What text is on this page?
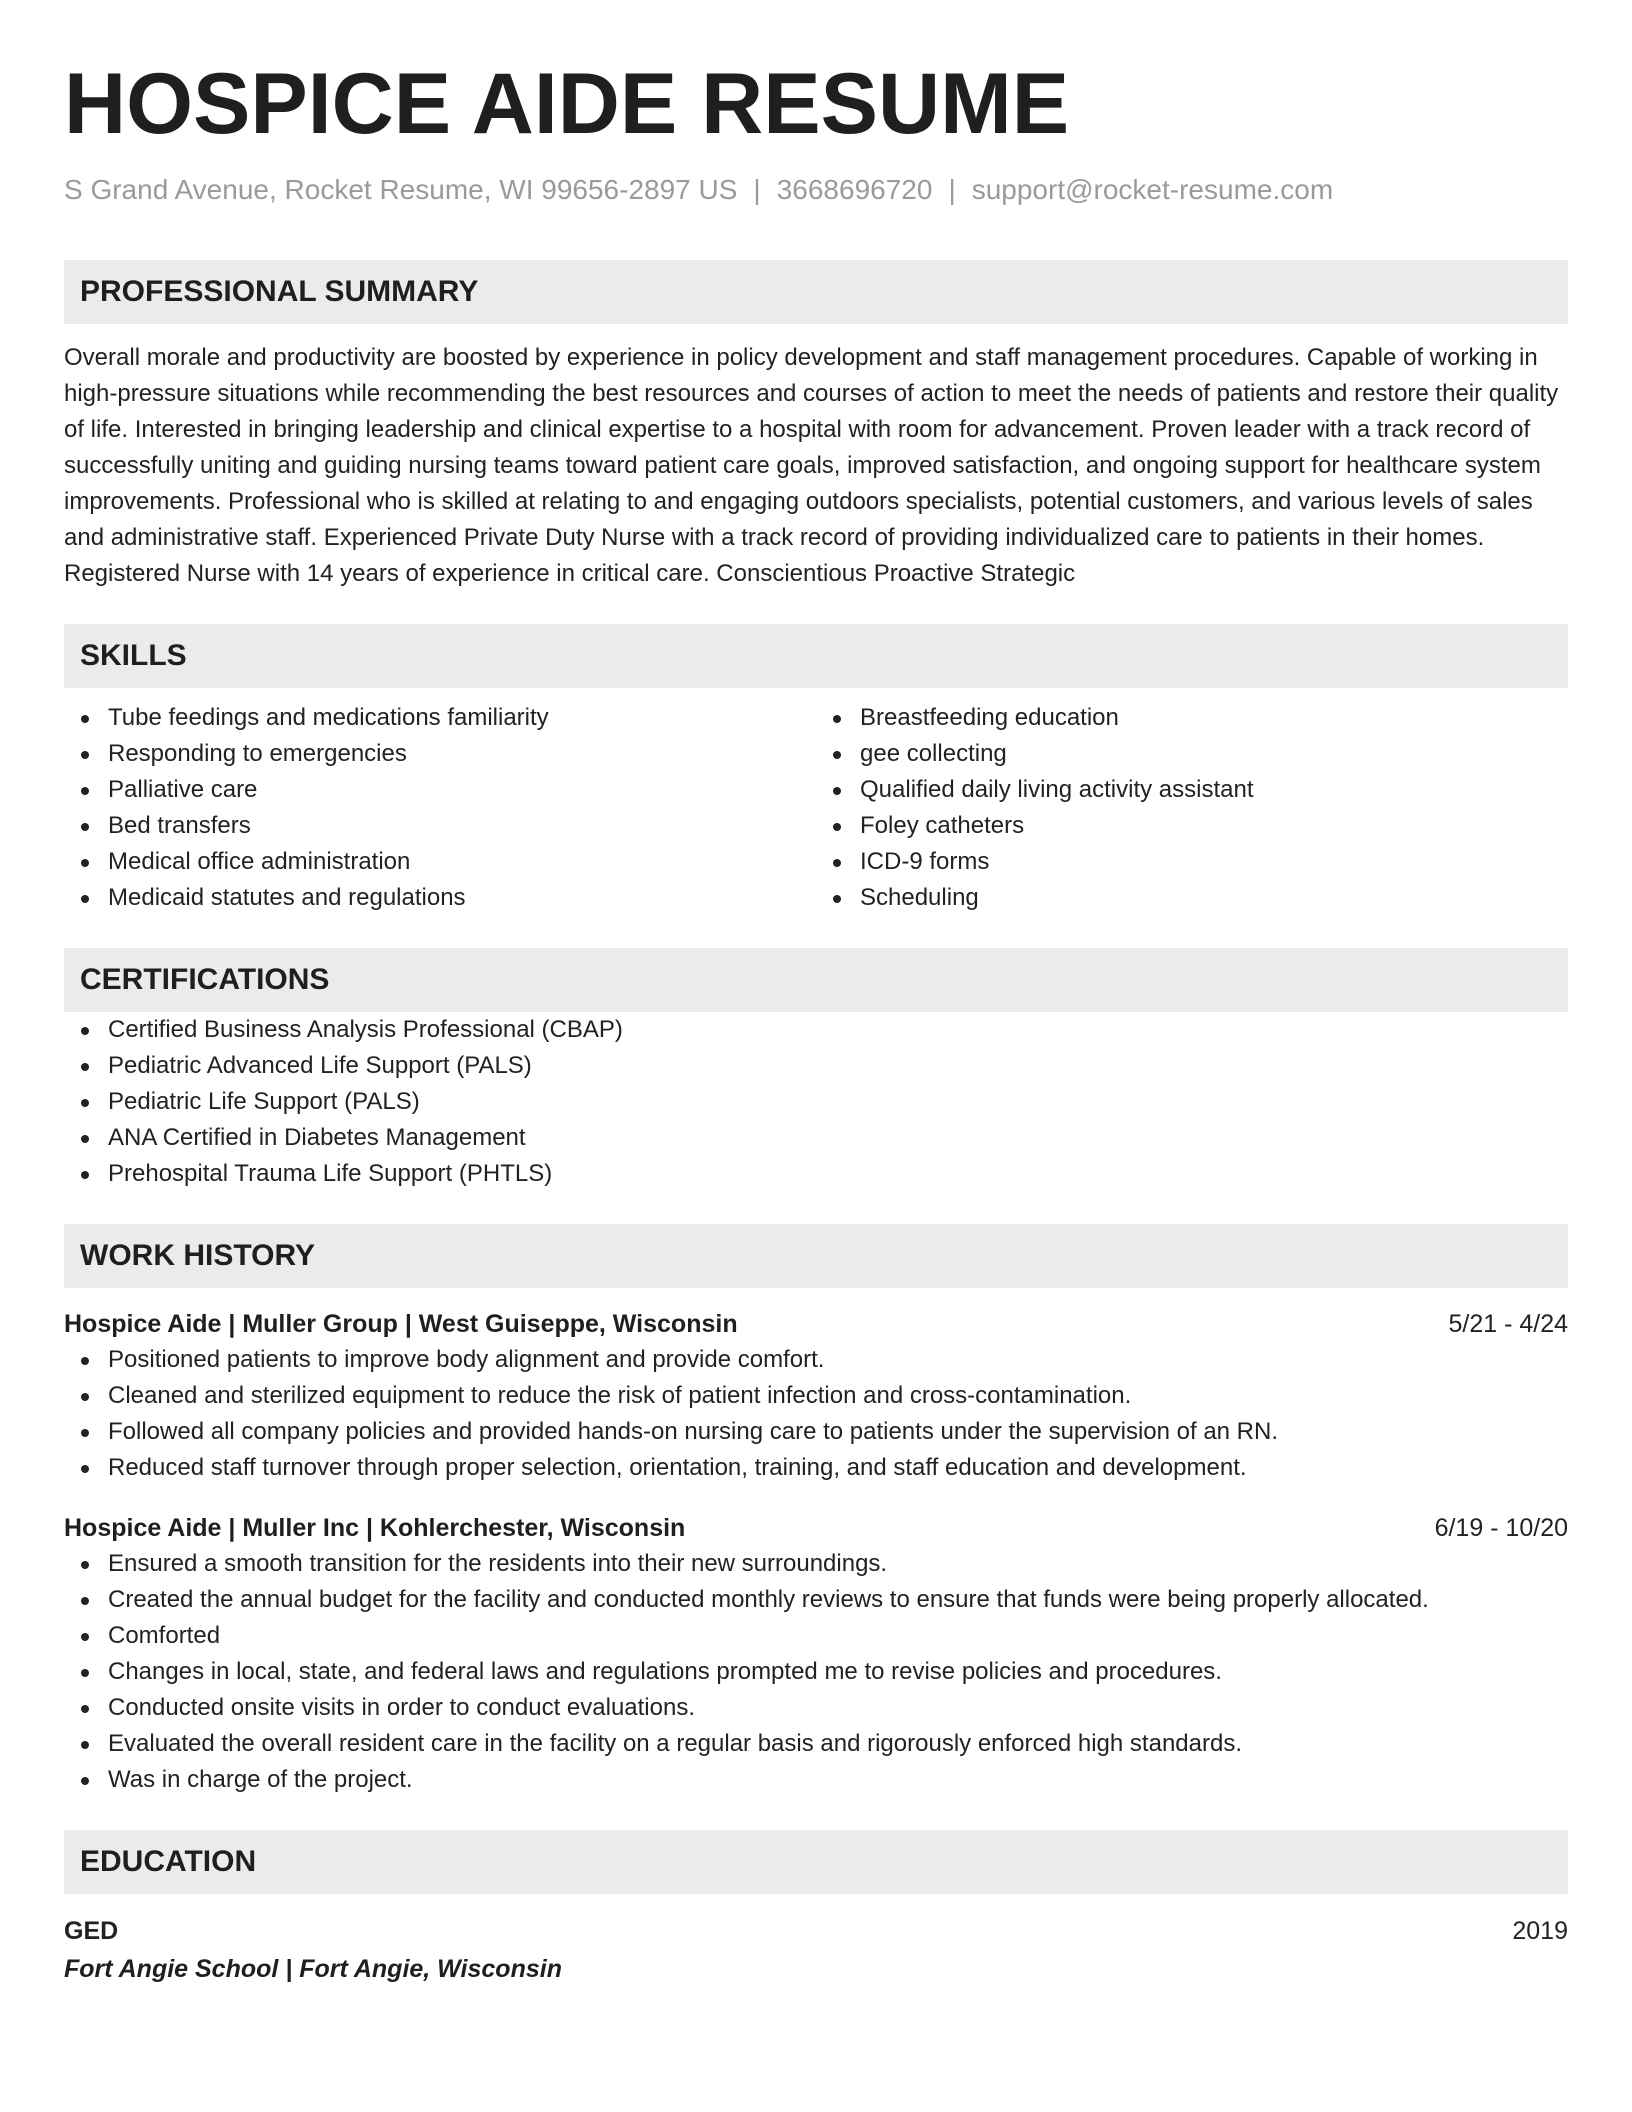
HOSPICE AIDE RESUME
S Grand Avenue, Rocket Resume, WI 99656-2897 US | 3668696720 | support@rocket-resume.com
PROFESSIONAL SUMMARY
Overall morale and productivity are boosted by experience in policy development and staff management procedures. Capable of working in high-pressure situations while recommending the best resources and courses of action to meet the needs of patients and restore their quality of life. Interested in bringing leadership and clinical expertise to a hospital with room for advancement. Proven leader with a track record of successfully uniting and guiding nursing teams toward patient care goals, improved satisfaction, and ongoing support for healthcare system improvements. Professional who is skilled at relating to and engaging outdoors specialists, potential customers, and various levels of sales and administrative staff. Experienced Private Duty Nurse with a track record of providing individualized care to patients in their homes. Registered Nurse with 14 years of experience in critical care. Conscientious Proactive Strategic
SKILLS
Tube feedings and medications familiarity
Responding to emergencies
Palliative care
Bed transfers
Medical office administration
Medicaid statutes and regulations
Breastfeeding education
gee collecting
Qualified daily living activity assistant
Foley catheters
ICD-9 forms
Scheduling
CERTIFICATIONS
Certified Business Analysis Professional (CBAP)
Pediatric Advanced Life Support (PALS)
Pediatric Life Support (PALS)
ANA Certified in Diabetes Management
Prehospital Trauma Life Support (PHTLS)
WORK HISTORY
Hospice Aide | Muller Group | West Guiseppe, Wisconsin	5/21 - 4/24
Positioned patients to improve body alignment and provide comfort.
Cleaned and sterilized equipment to reduce the risk of patient infection and cross-contamination.
Followed all company policies and provided hands-on nursing care to patients under the supervision of an RN.
Reduced staff turnover through proper selection, orientation, training, and staff education and development.
Hospice Aide | Muller Inc | Kohlerchester, Wisconsin	6/19 - 10/20
Ensured a smooth transition for the residents into their new surroundings.
Created the annual budget for the facility and conducted monthly reviews to ensure that funds were being properly allocated.
Comforted
Changes in local, state, and federal laws and regulations prompted me to revise policies and procedures.
Conducted onsite visits in order to conduct evaluations.
Evaluated the overall resident care in the facility on a regular basis and rigorously enforced high standards.
Was in charge of the project.
EDUCATION
GED	2019
Fort Angie School | Fort Angie, Wisconsin
